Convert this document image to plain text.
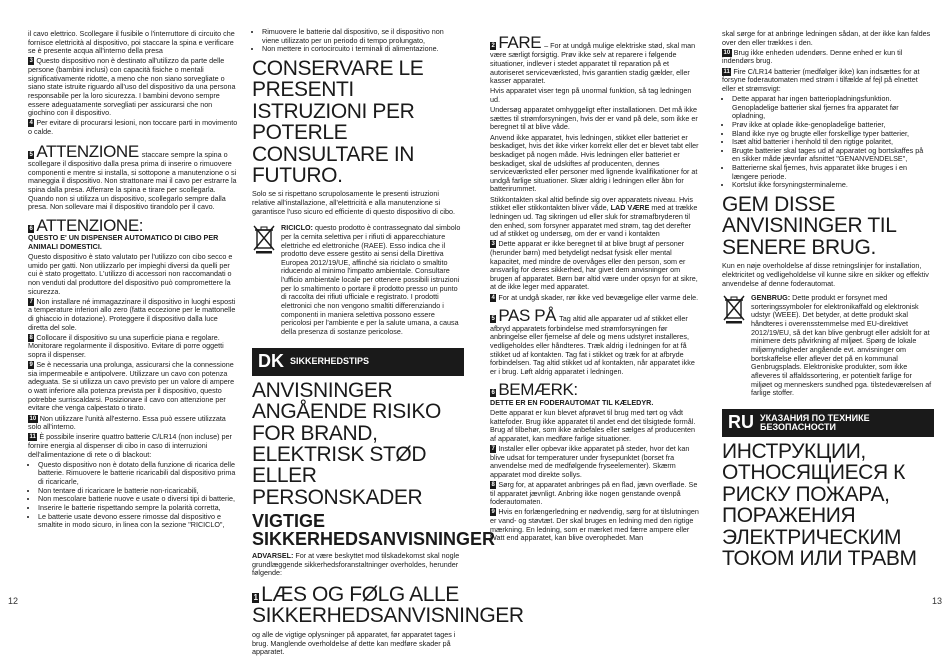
il cavo elettrico. Scollegare il fusibile o l'interruttore di circuito che fornisce elettricità al dispositivo, poi staccare la spina e verificare se è presente acqua all'interno della presa

3 Questo dispositivo non è destinato all'utilizzo da parte delle persone (bambini inclusi) con capacità fisiche o mentali significativamente ridotte, a meno che non siano sorvegliate o siano state istruite riguardo all'uso del dispositivo da una persona responsabile per la loro sicurezza. I bambini devono sempre essere adeguatamente sorvegliati per assicurarsi che non giochino con il dispositivo.

4 Per evitare di procurarsi lesioni, non toccare parti in movimento o calde.

5 ATTENZIONE staccare sempre la spina o scollegare il dispositivo dalla presa prima di inserire o rimuovere componenti e mentre si installa, si sottopone a manutenzione o si maneggia il dispositivo. Non strattonare mai il cavo per estrarre la spina dalla presa. Afferrare la spina e tirare per scollegarla. Quando non si utilizza un dispositivo, scollegarlo sempre dalla presa. Non sollevare mai il dispositivo tirandolo per il cavo.

6 ATTENZIONE:

QUESTO E' UN DISPENSER AUTOMATICO DI CIBO PER ANIMALI DOMESTICI.

Questo dispositivo è stato valutato per l'utilizzo con cibo secco e umido per gatti. Non utilizzarlo per impieghi diversi da quelli per cui è stato progettato. L'utilizzo di accessori non raccomandati o non venduti dal produttore del dispositivo può compromettere la sicurezza.

7 Non installare né immagazzinare il dispositivo in luoghi esposti a temperature inferiori allo zero (fatta eccezione per le mattonelle di ghiaccio in dotazione). Proteggere il dispositivo dalla luce diretta del sole.

8 Collocare il dispositivo su una superficie piana e regolare. Monitorare regolarmente il dispositivo. Evitare di porre oggetti sopra il dispenser.

9 Se è necessaria una prolunga, assicurarsi che la connessione sia impermeabile e antipolvere. Utilizzare un cavo con potenza adeguata. Se si utilizza un cavo previsto per un valore di ampere o watt inferiore alla potenza prevista per il dispositivo, questo potrebbe surriscaldarsi. Posizionare il cavo con attenzione per evitare che venga calpestato o tirato.

10 Non utilizzare l'unità all'esterno. Essa può essere utilizzata solo all'interno.

11 È possibile inserire quattro batterie C/LR14 (non incluse) per fornire energia al dispenser di cibo in caso di interruzioni dell'alimentazione di rete o di blackout:

• Questo dispositivo non è dotato della funzione di ricarica delle batterie. Rimuovere le batterie ricaricabili dal dispositivo prima di ricaricarle,
• Non tentare di ricaricare le batterie non-ricaricabili,
• Non mescolare batterie nuove e usate o diversi tipi di batterie,
• Inserire le batterie rispettando sempre la polarità corretta,
• Le batterie usate devono essere rimosse dal dispositivo e smaltite in modo sicuro, in linea con la sezione "RICICLO",
• Rimuovere le batterie dal dispositivo, se il dispositivo non viene utilizzato per un periodo di tempo prolungato,
• Non mettere in cortocircuito i terminali di alimentazione.
CONSERVARE LE PRESENTI ISTRUZIONI PER POTERLE CONSULTARE IN FUTURO.

Solo se si rispettano scrupolosamente le presenti istruzioni relative all'installazione, all'elettricità e alla manutenzione si garantisce l'uso sicuro ed efficiente di questo dispositivo di cibo.

RICICLO: questo prodotto è contrassegnato dal simbolo per la cernita selettiva per i rifiuti di apparecchiature elettriche ed elettroniche (RAEE). Esso indica che il prodotto deve essere gestito ai sensi della Direttiva Europea 2012/19/UE, affinché sia riciclato o smaltito riducendo al minimo l'impatto ambientale. Consultare l'ufficio ambientale locale per ottenere possibili istruzioni per lo smaltimento o portare il prodotto presso un punto di raccolta dei rifiuti ufficiale e registrato. I prodotti elettronici che non vengono smaltiti differenziando i componenti in maniera selettiva possono essere pericolosi per l'ambiente e per la salute umana, a causa della presenza di sostanze pericolose.

DK SIKKERHEDSTIPS
ANVISNINGER ANGÅENDE RISIKO FOR BRAND, ELEKTRISK STØD ELLER PERSONSKADER
VIGTIGE SIKKERHEDSANVISNINGER

ADVARSEL: For at være beskyttet mod tilskadekomst skal nogle grundlæggende sikkerhedsforanstaltninger overholdes, herunder følgende:

1 LÆS OG FØLG ALLE SIKKERHEDSANVISNINGER

og alle de vigtige oplysninger på apparatet, før apparatet tages i brug. Manglende overholdelse af dette kan medføre skader på apparatet.

2 FARE – For at undgå mulige elektriske stød, skal man være særligt forsigtig. Prøv ikke selv at reparere i følgende situationer, indlever i stedet apparatet til reparation på et autoriseret serviceværksted, hvis garantien stadig gælder, eller kasser apparatet.

Hvis apparatet viser tegn på unormal funktion, så tag ledningen ud.

Undersøg apparatet omhyggeligt efter installationen. Det må ikke sættes til strømforsyningen, hvis der er vand på dele, som ikke er beregnet til at blive våde.

Anvend ikke apparatet, hvis ledningen, stikket eller batteriet er beskadiget, hvis det ikke virker korrekt eller det er blevet tabt eller beskadiget på nogen måde. Hvis ledningen eller batteriet er beskadiget, skal de udskiftes af producenten, dennes serviceværksted eller personer med lignende kvalifikationer for at undgå farlige situationer. Skær aldrig i ledningen eller åbn for batterirummet.

Stikkontakten skal altid befinde sig over apparatets niveau. Hvis stikket eller stikkontakten bliver våde, LAD VÆRE med at trække ledningen ud. Tag sikringen ud eller sluk for strømafbryderen til den enhed, som forsyner apparatet med strøm, tag det derefter ud af stikket og undersøg, om der er vand i kontakten

3 Dette apparat er ikke beregnet til at blive brugt af personer (herunder børn) med betydeligt nedsat fysisk eller mental kapacitet, med mindre de overvåges eller den person, som er ansvarlig for deres sikkerhed, har givet dem anvisninger om brugen af apparatet. Børn bør altid være under opsyn for at sikre, at de ikke leger med apparatet.

4 For at undgå skader, rør ikke ved bevægelige eller varme dele.

5 PAS PÅ Tag altid alle apparater ud af stikket eller afbryd apparatets forbindelse med strømforsyningen før anbringelse eller fjernelse af dele og mens udstyret installeres, vedligeholdes eller håndteres. Træk aldrig i ledningen for at få stikket ud af kontakten. Tag fat i stikket og træk for at afbryde forbindelsen. Tag altid stikket ud af kontakten, når apparatet ikke er i brug. Løft aldrig apparatet i ledningen.

6 BEMÆRK:

DETTE ER EN FODERAUTOMAT TIL KÆLEDYR.

Dette apparat er kun blevet afprøvet til brug med tørt og vådt kattefoder. Brug ikke apparatet til andet end det tilsigtede formål. Brug af tilbehør, som ikke anbefales eller sælges af producenten af apparatet, kan medføre farlige situationer.

7 Installer eller opbevar ikke apparatet på steder, hvor det kan blive udsat for temperaturer under frysepunktet (borset fra anvendelse med de medfølgende fryseelementer). Skærm apparatet mod direkte sollys.

8 Sørg for, at apparatet anbringes på en flad, jævn overflade. Se til apparatet jævnligt. Anbring ikke nogen genstande ovenpå foderautomaten.

9 Hvis en forlængerledning er nødvendig, sørg for at tilslutningen er vand- og støvtæt. Der skal bruges en ledning med den rigtige mærkning. En ledning, som er mærket med færre ampere eller Watt end apparatet, kan blive overophedet. Man

skal sørge for at anbringe ledningen sådan, at der ikke kan faldes over den eller trækkes i den.

10 Brug ikke enheden udendørs. Denne enhed er kun til indendørs brug.

11 Fire C/LR14 batterier (medfølger ikke) kan indsættes for at forsyne foderautomaten med strøm i tilfælde af fejl på elnettet eller et strømsvigt:

• Dette apparat har ingen batteriopladningsfunktion. Genopladelige batterier skal fjernes fra apparatet før opladning,
• Prøv ikke at oplade ikke-genopladelige batterier,
• Bland ikke nye og brugte eller forskellige typer batterier,
• Isæt altid batterier i henhold til den rigtige polaritet,
• Brugte batterier skal tages ud af apparatet og bortskaffes på en sikker måde jævnfør afsnittet "GENANVENDELSE",
• Batterierne skal fjernes, hvis apparatet ikke bruges i en længere periode.
• Kortslut ikke forsyningsterminalerne.
GEM DISSE ANVISNINGER TIL SENERE BRUG.

Kun en nøje overholdelse af disse retningslinjer for installation, elektricitet og vedligeholdelse vil kunne sikre en sikker og effektiv anvendelse af denne foderautomat.

GENBRUG: Dette produkt er forsynet med sorteringssymboler for elektronikaffald og elektronisk udstyr (WEEE). Det betyder, at dette produkt skal håndteres i overensstemmelse med EU-direktivet 2012/19/EU, så det kan blive genbrugt eller adskilt for at minimere dets påvirkning af miljøet. Spørg de lokale miljømyndigheder angående evt. anvisninger om bortskaffelse eller aflever det på en kommunal Genbrugsplads. Elektroniske produkter, som ikke afleveres til affaldssortering, er potentielt farlige for miljøet og menneskers sundhed pga. tilstedeværelsen af farlige stoffer.

RU УКАЗАНИЯ ПО ТЕХНИКЕ БЕЗОПАСНОСТИ
ИНСТРУКЦИИ, ОТНОСЯЩИЕСЯ К РИСКУ ПОЖАРА, ПОРАЖЕНИЯ ЭЛЕКТРИЧЕСКИМ ТОКОМ ИЛИ ТРАВМ
12	13
